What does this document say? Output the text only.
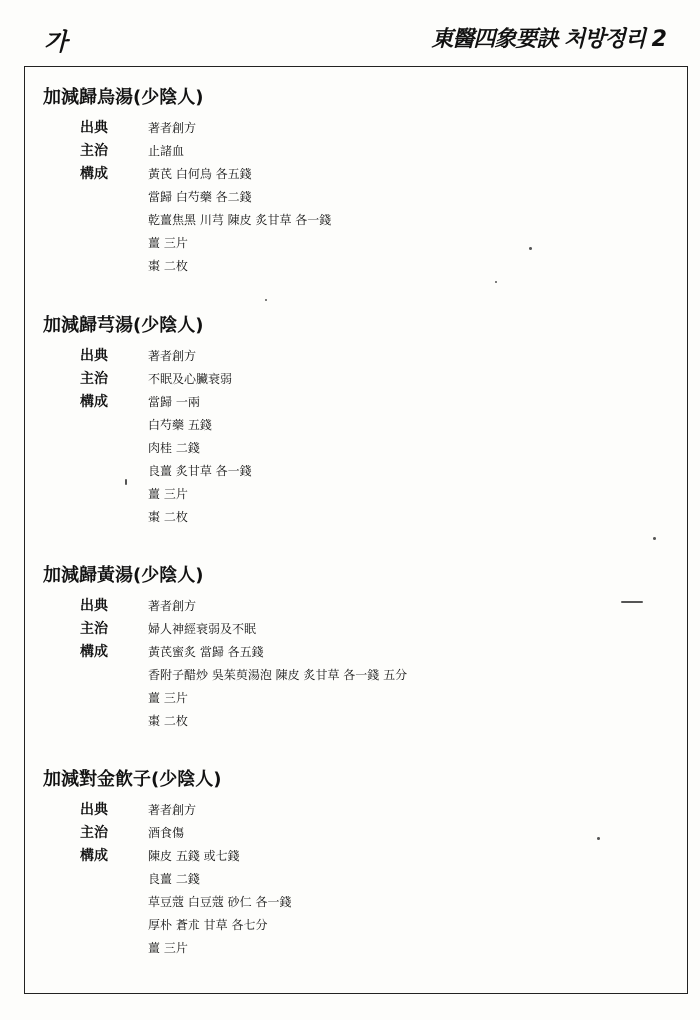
가	東醫四象要訣 처방정리 2
加減歸烏湯(少陰人)
出典	著者創方
主治	止諸血
構成	黃芪 白何烏 各五錢
當歸 白芍藥 各二錢
乾薑焦黑 川芎 陳皮 炙甘草 各一錢
薑 三片
棗 二枚
加減歸芎湯(少陰人)
出典	著者創方
主治	不眠及心臟衰弱
構成	當歸 一兩
白芍藥 五錢
肉桂 二錢
良薑 炙甘草 各一錢
薑 三片
棗 二枚
加減歸黃湯(少陰人)
出典	著者創方
主治	婦人神經衰弱及不眠
構成	黃芪蜜炙 當歸 各五錢
香附子醋炒 吳茱萸湯泡 陳皮 炙甘草 各一錢 五分
薑 三片
棗 二枚
加減對金飮子(少陰人)
出典	著者創方
主治	酒食傷
構成	陳皮 五錢 或七錢
良薑 二錢
草豆蔻 白豆蔻 砂仁 各一錢
厚朴 蒼朮 甘草 各七分
薑 三片
